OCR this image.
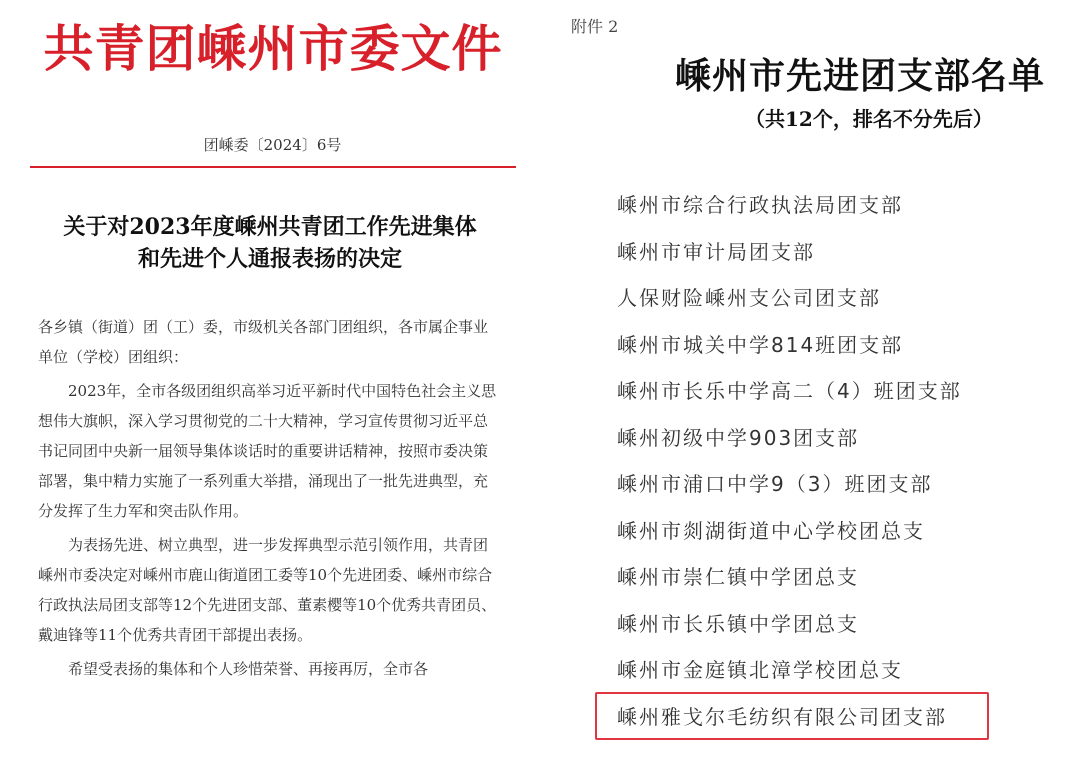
共青团嵊州市委文件
团嵊委〔2024〕6号
关于对2023年度嵊州共青团工作先进集体
和先进个人通报表扬的决定

各乡镇（街道）团（工）委，市级机关各部门团组织，各市属企事业单位（学校）团组织：

2023年，全市各级团组织高举习近平新时代中国特色社会主义思想伟大旗帜，深入学习贯彻党的二十大精神，学习宣传贯彻习近平总书记同团中央新一届领导集体谈话时的重要讲话精神，按照市委决策部署，集中精力实施了一系列重大举措，涌现出了一批先进典型，充分发挥了生力军和突击队作用。

为表扬先进、树立典型，进一步发挥典型示范引领作用，共青团嵊州市委决定对嵊州市鹿山街道团工委等10个先进团委、嵊州市综合行政执法局团支部等12个先进团支部、董素樱等10个优秀共青团员、戴迪锋等11个优秀共青团干部提出表扬。

希望受表扬的集体和个人珍惜荣誉、再接再厉，全市各

附件 2
嵊州市先进团支部名单
（共12个，排名不分先后）
嵊州市综合行政执法局团支部
嵊州市审计局团支部
人保财险嵊州支公司团支部
嵊州市城关中学814班团支部
嵊州市长乐中学高二（4）班团支部
嵊州初级中学903团支部
嵊州市浦口中学9（3）班团支部
嵊州市剡湖街道中心学校团总支
嵊州市崇仁镇中学团总支
嵊州市长乐镇中学团总支
嵊州市金庭镇北漳学校团总支
嵊州雅戈尔毛纺织有限公司团支部
